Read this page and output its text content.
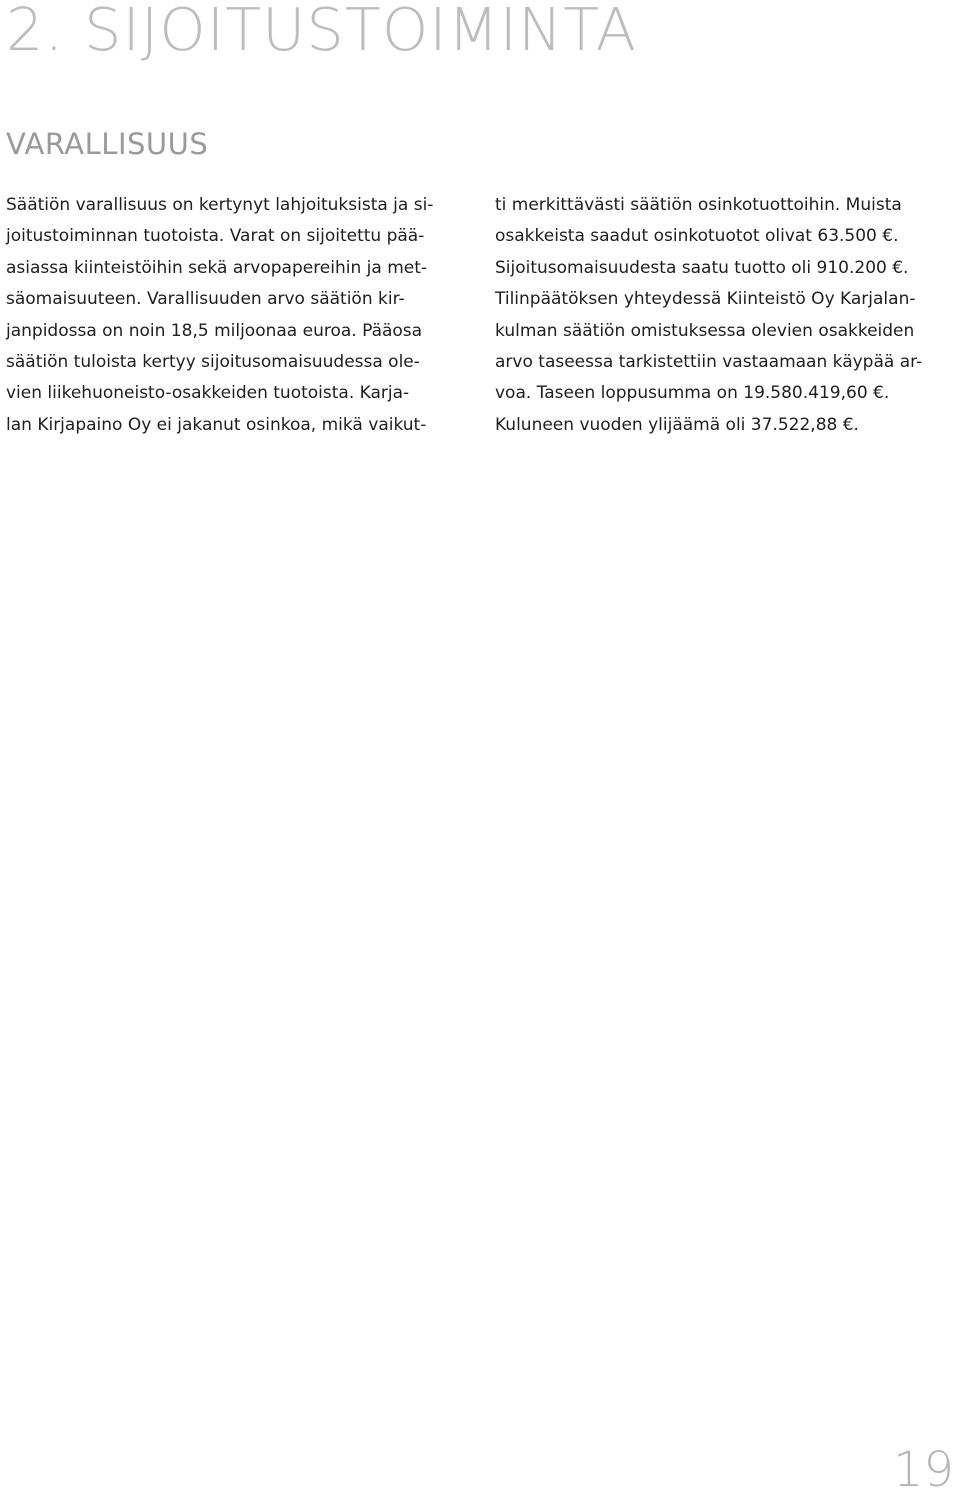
2. SIJOITUSTOIMINTA
VARALLISUUS
Säätiön varallisuus on kertynyt lahjoituksista ja si-
joitustoiminnan tuotoista. Varat on sijoitettu pää-
asiassa kiinteistöihin sekä arvopapereihin ja met-
säomaisuuteen. Varallisuuden arvo säätiön kir-
janpidossa on noin 18,5 miljoonaa euroa. Pääosa
säätiön tuloista kertyy sijoitusomaisuudessa ole-
vien liikehuoneisto-osakkeiden tuotoista. Karja-
lan Kirjapaino Oy ei jakanut osinkoa, mikä vaikut-
ti merkittävästi säätiön osinkotuottoihin. Muista
osakkeista saadut osinkotuotot olivat 63.500 €.
Sijoitusomaisuudesta saatu tuotto oli 910.200 €.
Tilinpäätöksen yhteydessä Kiinteistö Oy Karjalan-
kulman säätiön omistuksessa olevien osakkeiden
arvo taseessa tarkistettiin vastaamaan käypää ar-
voa. Taseen loppusumma on 19.580.419,60 €.
Kuluneen vuoden ylijäämä oli 37.522,88 €.
19
